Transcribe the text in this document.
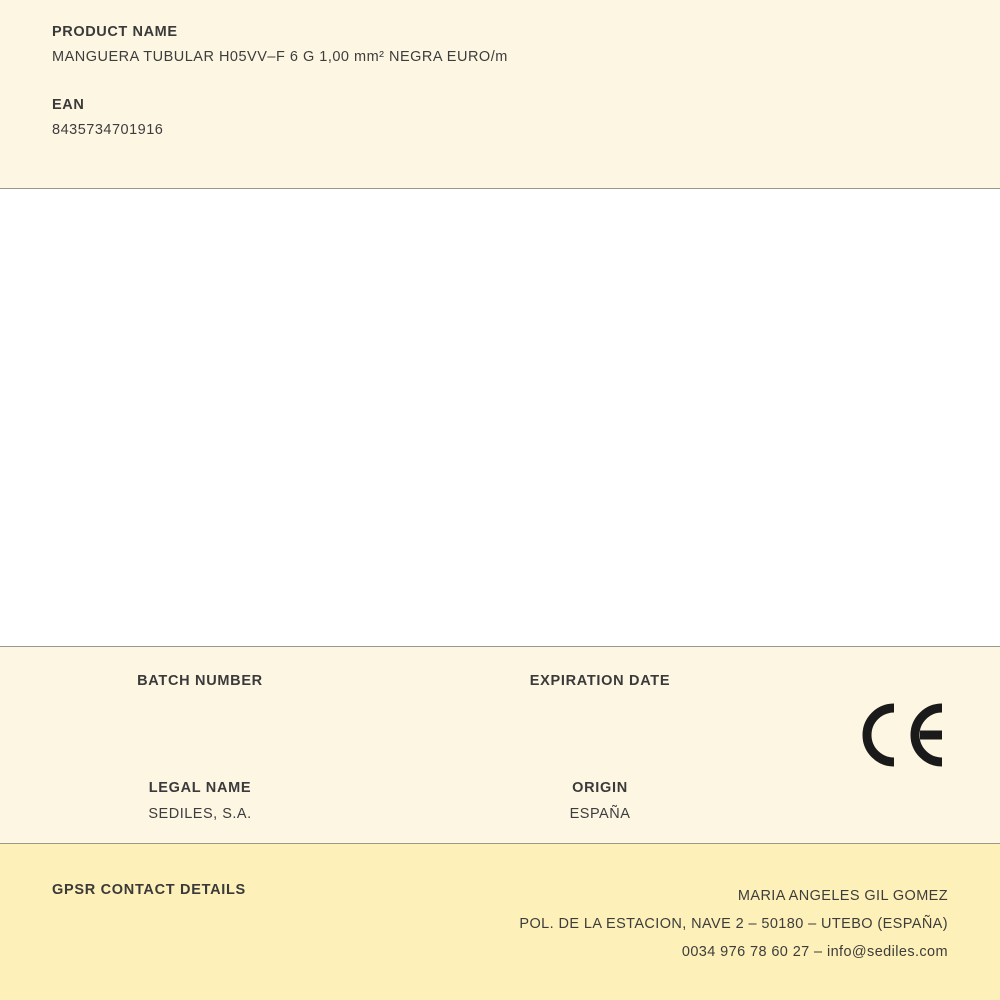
PRODUCT NAME

MANGUERA TUBULAR H05VV–F 6 G 1,00 mm² NEGRA EURO/m

EAN

8435734701916

BATCH NUMBER	EXPIRATION DATE

LEGAL NAME

SEDILES, S.A.

ORIGIN

ESPAÑA

GPSR CONTACT DETAILS	MARIA ANGELES GIL GOMEZ
POL. DE LA ESTACION, NAVE 2 – 50180 – UTEBO (ESPAÑA)
0034 976 78 60 27 – info@sediles.com
